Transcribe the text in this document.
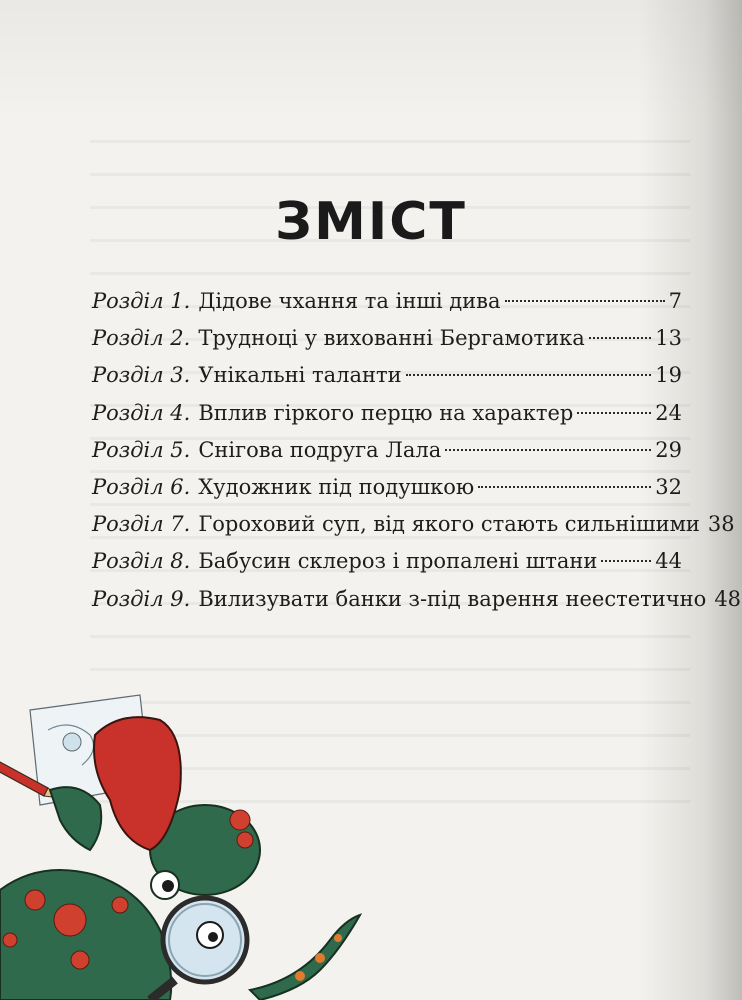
ЗМІСТ
Розділ 1. Дідове чхання та інші дива	7
Розділ 2. Трудноці у вихованні Бергамотика	13
Розділ 3. Унікальні таланти	19
Розділ 4. Вплив гіркого перцю на характер	24
Розділ 5. Снігова подруга Лала	29
Розділ 6. Художник під подушкою	32
Розділ 7. Гороховий суп, від якого стають сильнішими 38
Розділ 8. Бабусин склероз і пропалені штани	44
Розділ 9. Вилизувати банки з-під варення неестетично 48
